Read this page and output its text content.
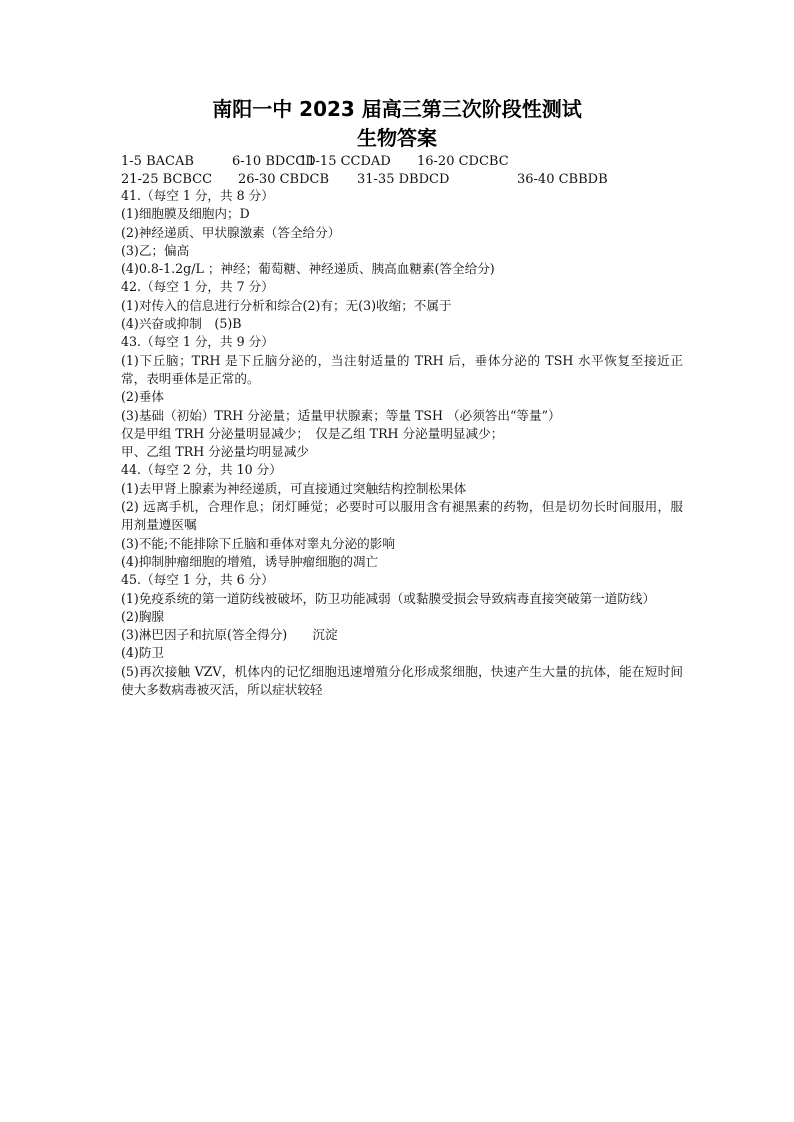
南阳一中 2023 届高三第三次阶段性测试
生物答案
1-5 BACAB	6-10 BDCCD
11-15 CCDAD 16-20 CDCBC
21-25 BCBCC 26-30 CBDCB 31-35 DBDCD	36-40 CBBDB

41.（每空 1 分，共 8 分）

(1)细胞膜及细胞内；D

(2)神经递质、甲状腺激素（答全给分）

(3)乙；偏高

(4)0.8-1.2g/L ；神经；葡萄糖、神经递质、胰高血糖素(答全给分)

42.（每空 1 分，共 7 分）

(1)对传入的信息进行分析和综合(2)有；无(3)收缩；不属于

(4)兴奋或抑制　(5)B

43.（每空 1 分，共 9 分）

(1)下丘脑；TRH 是下丘脑分泌的，当注射适量的 TRH 后，垂体分泌的 TSH 水平恢复至接近正常，表明垂体是正常的。

(2)垂体

(3)基础（初始）TRH 分泌量；适量甲状腺素；等量 TSH （必须答出“等量”）

仅是甲组 TRH 分泌量明显减少；　仅是乙组 TRH 分泌量明显减少；

甲、乙组 TRH 分泌量均明显减少

44.（每空 2 分，共 10 分）

(1)去甲肾上腺素为神经递质，可直接通过突触结构控制松果体

(2) 远离手机，合理作息；闭灯睡觉；必要时可以服用含有褪黑素的药物，但是切勿长时间服用，服用剂量遵医嘱

(3)不能;不能排除下丘脑和垂体对睾丸分泌的影响

(4)抑制肿瘤细胞的增殖，诱导肿瘤细胞的凋亡

45.（每空 1 分，共 6 分）

(1)免疫系统的第一道防线被破坏，防卫功能减弱（或黏膜受损会导致病毒直接突破第一道防线）

(2)胸腺

(3)淋巴因子和抗原(答全得分)　　沉淀

(4)防卫

(5)再次接触 VZV，机体内的记忆细胞迅速增殖分化形成浆细胞，快速产生大量的抗体，能在短时间使大多数病毒被灭活，所以症状较轻
